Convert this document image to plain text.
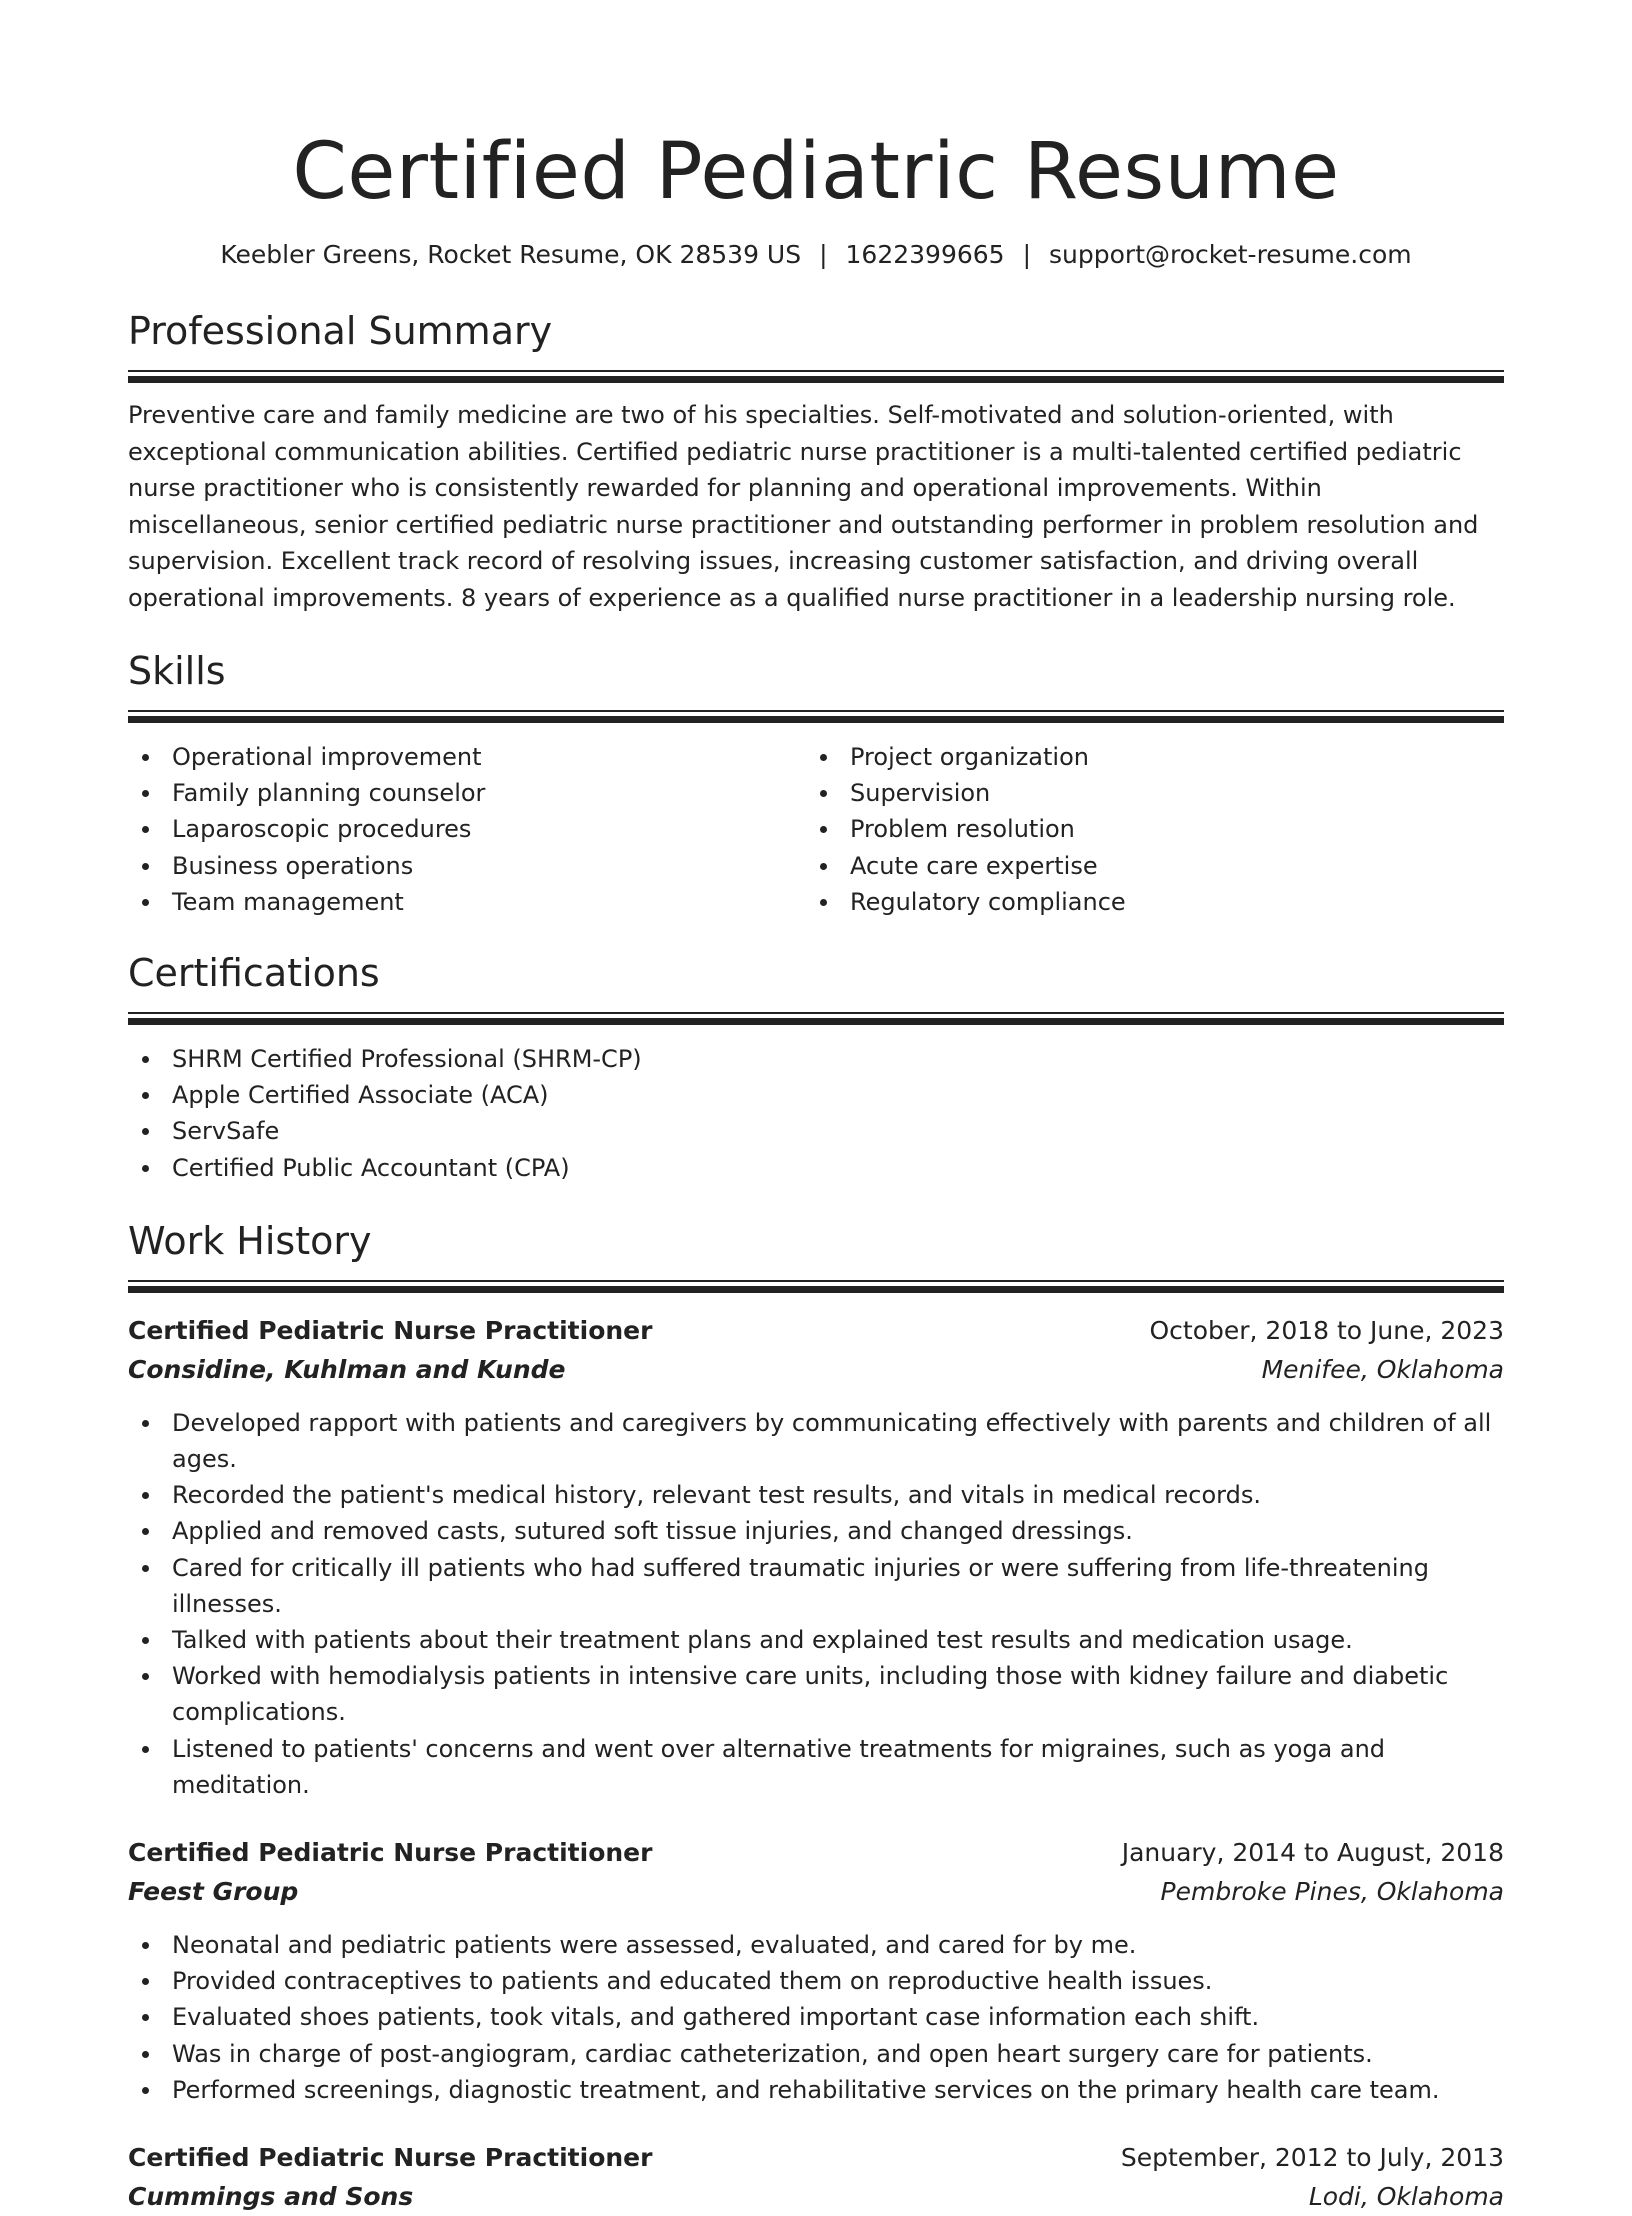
Certified Pediatric Resume
Keebler Greens, Rocket Resume, OK 28539 US | 1622399665 | support@rocket-resume.com
Professional Summary

Preventive care and family medicine are two of his specialties. Self-motivated and solution-oriented, with exceptional communication abilities. Certified pediatric nurse practitioner is a multi-talented certified pediatric nurse practitioner who is consistently rewarded for planning and operational improvements. Within miscellaneous, senior certified pediatric nurse practitioner and outstanding performer in problem resolution and supervision. Excellent track record of resolving issues, increasing customer satisfaction, and driving overall operational improvements. 8 years of experience as a qualified nurse practitioner in a leadership nursing role.

Skills
Operational improvement
Family planning counselor
Laparoscopic procedures
Business operations
Team management
Project organization
Supervision
Problem resolution
Acute care expertise
Regulatory compliance
Certifications
SHRM Certified Professional (SHRM-CP)
Apple Certified Associate (ACA)
ServSafe
Certified Public Accountant (CPA)
Work History
Certified Pediatric Nurse Practitioner	October, 2018 to June, 2023
Considine, Kuhlman and Kunde	Menifee, Oklahoma
Developed rapport with patients and caregivers by communicating effectively with parents and children of all ages.
Recorded the patient's medical history, relevant test results, and vitals in medical records.
Applied and removed casts, sutured soft tissue injuries, and changed dressings.
Cared for critically ill patients who had suffered traumatic injuries or were suffering from life-threatening illnesses.
Talked with patients about their treatment plans and explained test results and medication usage.
Worked with hemodialysis patients in intensive care units, including those with kidney failure and diabetic complications.
Listened to patients' concerns and went over alternative treatments for migraines, such as yoga and meditation.
Certified Pediatric Nurse Practitioner	January, 2014 to August, 2018
Feest Group	Pembroke Pines, Oklahoma
Neonatal and pediatric patients were assessed, evaluated, and cared for by me.
Provided contraceptives to patients and educated them on reproductive health issues.
Evaluated shoes patients, took vitals, and gathered important case information each shift.
Was in charge of post-angiogram, cardiac catheterization, and open heart surgery care for patients.
Performed screenings, diagnostic treatment, and rehabilitative services on the primary health care team.
Certified Pediatric Nurse Practitioner	September, 2012 to July, 2013
Cummings and Sons	Lodi, Oklahoma
